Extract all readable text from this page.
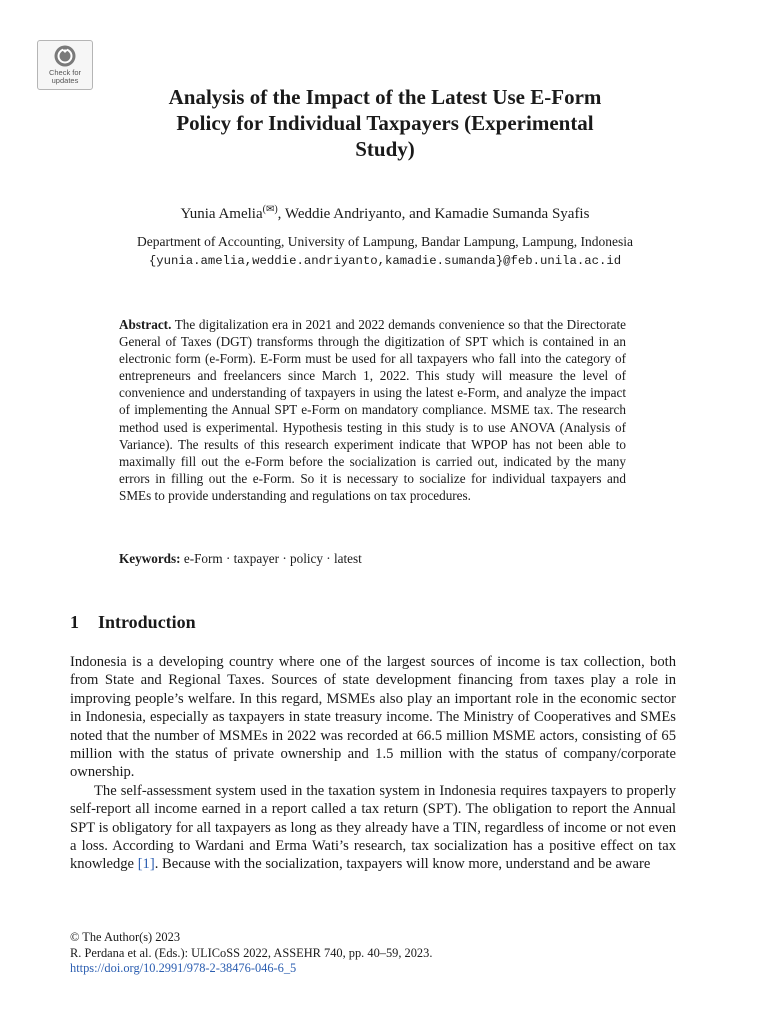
Check for
updates
Analysis of the Impact of the Latest Use E-Form
Policy for Individual Taxpayers (Experimental
Study)
Yunia Amelia(✉), Weddie Andriyanto, and Kamadie Sumanda Syafis
Department of Accounting, University of Lampung, Bandar Lampung, Lampung, Indonesia
{yunia.amelia,weddie.andriyanto,kamadie.sumanda}@feb.unila.ac.id

Abstract. The digitalization era in 2021 and 2022 demands convenience so that the Directorate General of Taxes (DGT) transforms through the digitization of SPT which is contained in an electronic form (e-Form). E-Form must be used for all taxpayers who fall into the category of entrepreneurs and freelancers since March 1, 2022. This study will measure the level of convenience and understanding of taxpayers in using the latest e-Form, and analyze the impact of implementing the Annual SPT e-Form on mandatory compliance. MSME tax. The research method used is experimental. Hypothesis testing in this study is to use ANOVA (Analysis of Variance). The results of this research experiment indicate that WPOP has not been able to maximally fill out the e-Form before the socialization is carried out, indicated by the many errors in filling out the e-Form. So it is necessary to socialize for individual taxpayers and SMEs to provide understanding and regulations on tax procedures.

Keywords: e-Form · taxpayer · policy · latest
1 Introduction

Indonesia is a developing country where one of the largest sources of income is tax collection, both from State and Regional Taxes. Sources of state development financing from taxes play a role in improving people’s welfare. In this regard, MSMEs also play an important role in the economic sector in Indonesia, especially as taxpayers in state treasury income. The Ministry of Cooperatives and SMEs noted that the number of MSMEs in 2022 was recorded at 66.5 million MSME actors, consisting of 65 million with the status of private ownership and 1.5 million with the status of company/corporate ownership.

The self-assessment system used in the taxation system in Indonesia requires taxpayers to properly self-report all income earned in a report called a tax return (SPT). The obligation to report the Annual SPT is obligatory for all taxpayers as long as they already have a TIN, regardless of income or not even a loss. According to Wardani and Erma Wati’s research, tax socialization has a positive effect on tax knowledge [1]. Because with the socialization, taxpayers will know more, understand and be aware

© The Author(s) 2023
R. Perdana et al. (Eds.): ULICoSS 2022, ASSEHR 740, pp. 40–59, 2023.
https://doi.org/10.2991/978-2-38476-046-6_5
